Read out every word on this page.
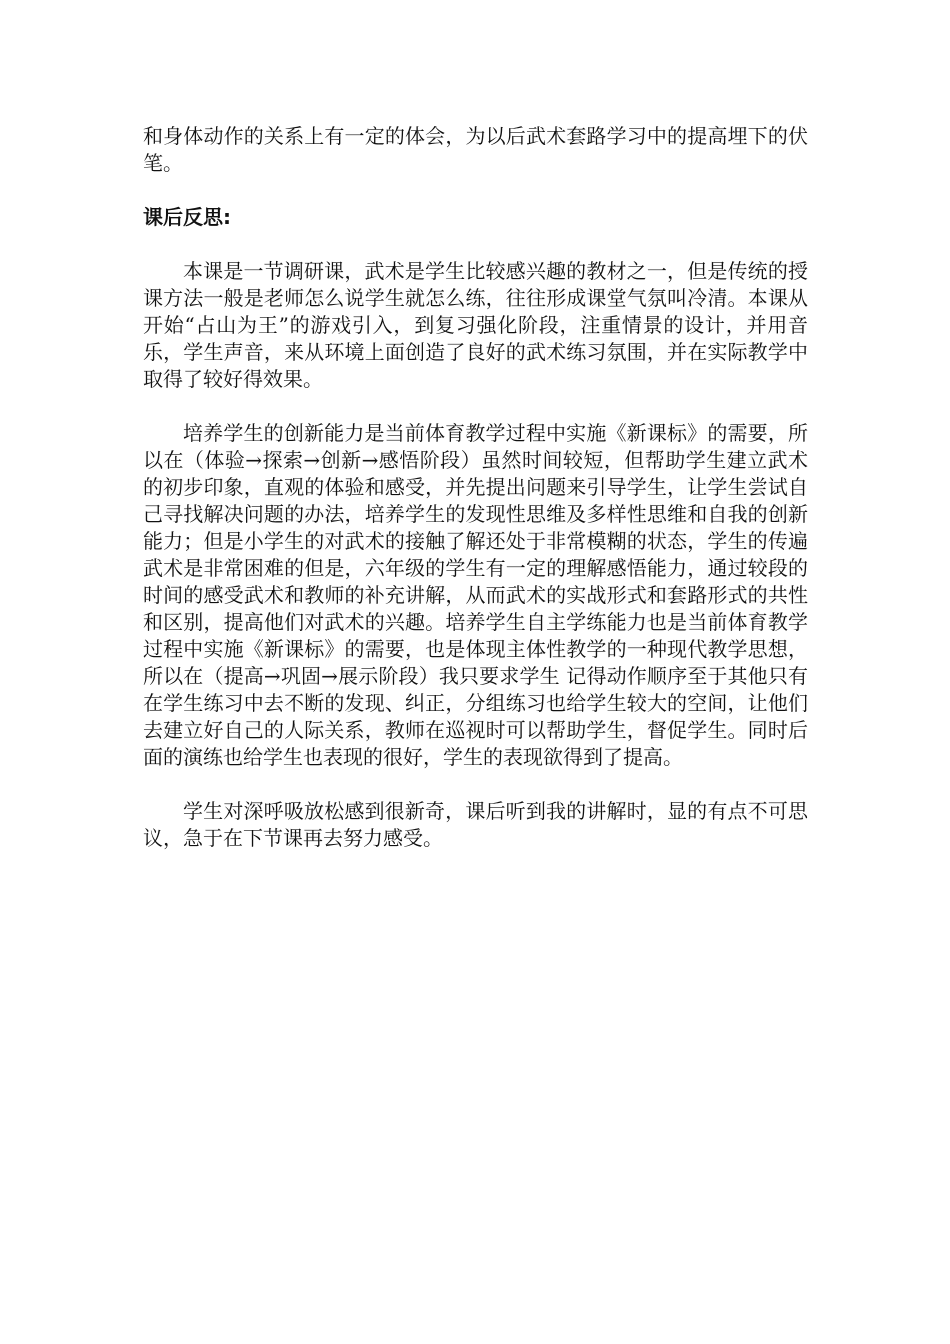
和身体动作的关系上有一定的体会，为以后武术套路学习中的提高埋下的伏笔。

课后反思:

本课是一节调研课，武术是学生比较感兴趣的教材之一，但是传统的授课方法一般是老师怎么说学生就怎么练，往往形成课堂气氛叫冷清。本课从开始“占山为王”的游戏引入，到复习强化阶段，注重情景的设计，并用音乐，学生声音，来从环境上面创造了良好的武术练习氛围，并在实际教学中取得了较好得效果。

培养学生的创新能力是当前体育教学过程中实施《新课标》的需要，所以在（体验→探索→创新→感悟阶段）虽然时间较短，但帮助学生建立武术的初步印象，直观的体验和感受，并先提出问题来引导学生，让学生尝试自己寻找解决问题的办法，培养学生的发现性思维及多样性思维和自我的创新能力；但是小学生的对武术的接触了解还处于非常模糊的状态，学生的传遍武术是非常困难的但是，六年级的学生有一定的理解感悟能力，通过较段的时间的感受武术和教师的补充讲解，从而武术的实战形式和套路形式的共性和区别，提高他们对武术的兴趣。培养学生自主学练能力也是当前体育教学过程中实施《新课标》的需要，也是体现主体性教学的一种现代教学思想，所以在（提高→巩固→展示阶段）我只要求学生 记得动作顺序至于其他只有在学生练习中去不断的发现、纠正，分组练习也给学生较大的空间，让他们去建立好自己的人际关系，教师在巡视时可以帮助学生，督促学生。同时后面的演练也给学生也表现的很好，学生的表现欲得到了提高。

学生对深呼吸放松感到很新奇，课后听到我的讲解时，显的有点不可思议，急于在下节课再去努力感受。
